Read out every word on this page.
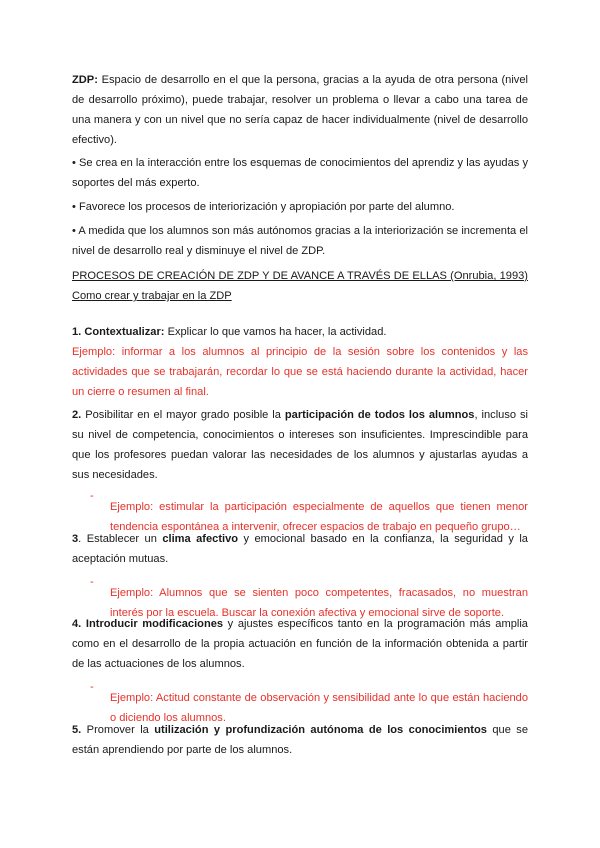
ZDP: Espacio de desarrollo en el que la persona, gracias a la ayuda de otra persona (nivel de desarrollo próximo), puede trabajar, resolver un problema o llevar a cabo una tarea de una manera y con un nivel que no sería capaz de hacer individualmente (nivel de desarrollo efectivo).

• Se crea en la interacción entre los esquemas de conocimientos del aprendiz y las ayudas y soportes del más experto.

• Favorece los procesos de interiorización y apropiación por parte del alumno.

• A medida que los alumnos son más autónomos gracias a la interiorización se incrementa el nivel de desarrollo real y disminuye el nivel de ZDP.

PROCESOS DE CREACIÓN DE ZDP Y DE AVANCE A TRAVÉS DE ELLAS (Onrubia, 1993) Como crear y trabajar en la ZDP

1. Contextualizar: Explicar lo que vamos ha hacer, la actividad.

Ejemplo: informar a los alumnos al principio de la sesión sobre los contenidos y las actividades que se trabajarán, recordar lo que se está haciendo durante la actividad, hacer un cierre o resumen al final.

2. Posibilitar en el mayor grado posible la participación de todos los alumnos, incluso si su nivel de competencia, conocimientos o intereses son insuficientes. Imprescindible para que los profesores puedan valorar las necesidades de los alumnos y ajustarlas ayudas a sus necesidades.

-

Ejemplo: estimular la participación especialmente de aquellos que tienen menor tendencia espontánea a intervenir, ofrecer espacios de trabajo en pequeño grupo…

3. Establecer un clima afectivo y emocional basado en la confianza, la seguridad y la aceptación mutuas.

-

Ejemplo: Alumnos que se sienten poco competentes, fracasados, no muestran interés por la escuela. Buscar la conexión afectiva y emocional sirve de soporte.

4. Introducir modificaciones y ajustes específicos tanto en la programación más amplia como en el desarrollo de la propia actuación en función de la información obtenida a partir de las actuaciones de los alumnos.

-

Ejemplo: Actitud constante de observación y sensibilidad ante lo que están haciendo o diciendo los alumnos.

5. Promover la utilización y profundización autónoma de los conocimientos que se están aprendiendo por parte de los alumnos.
